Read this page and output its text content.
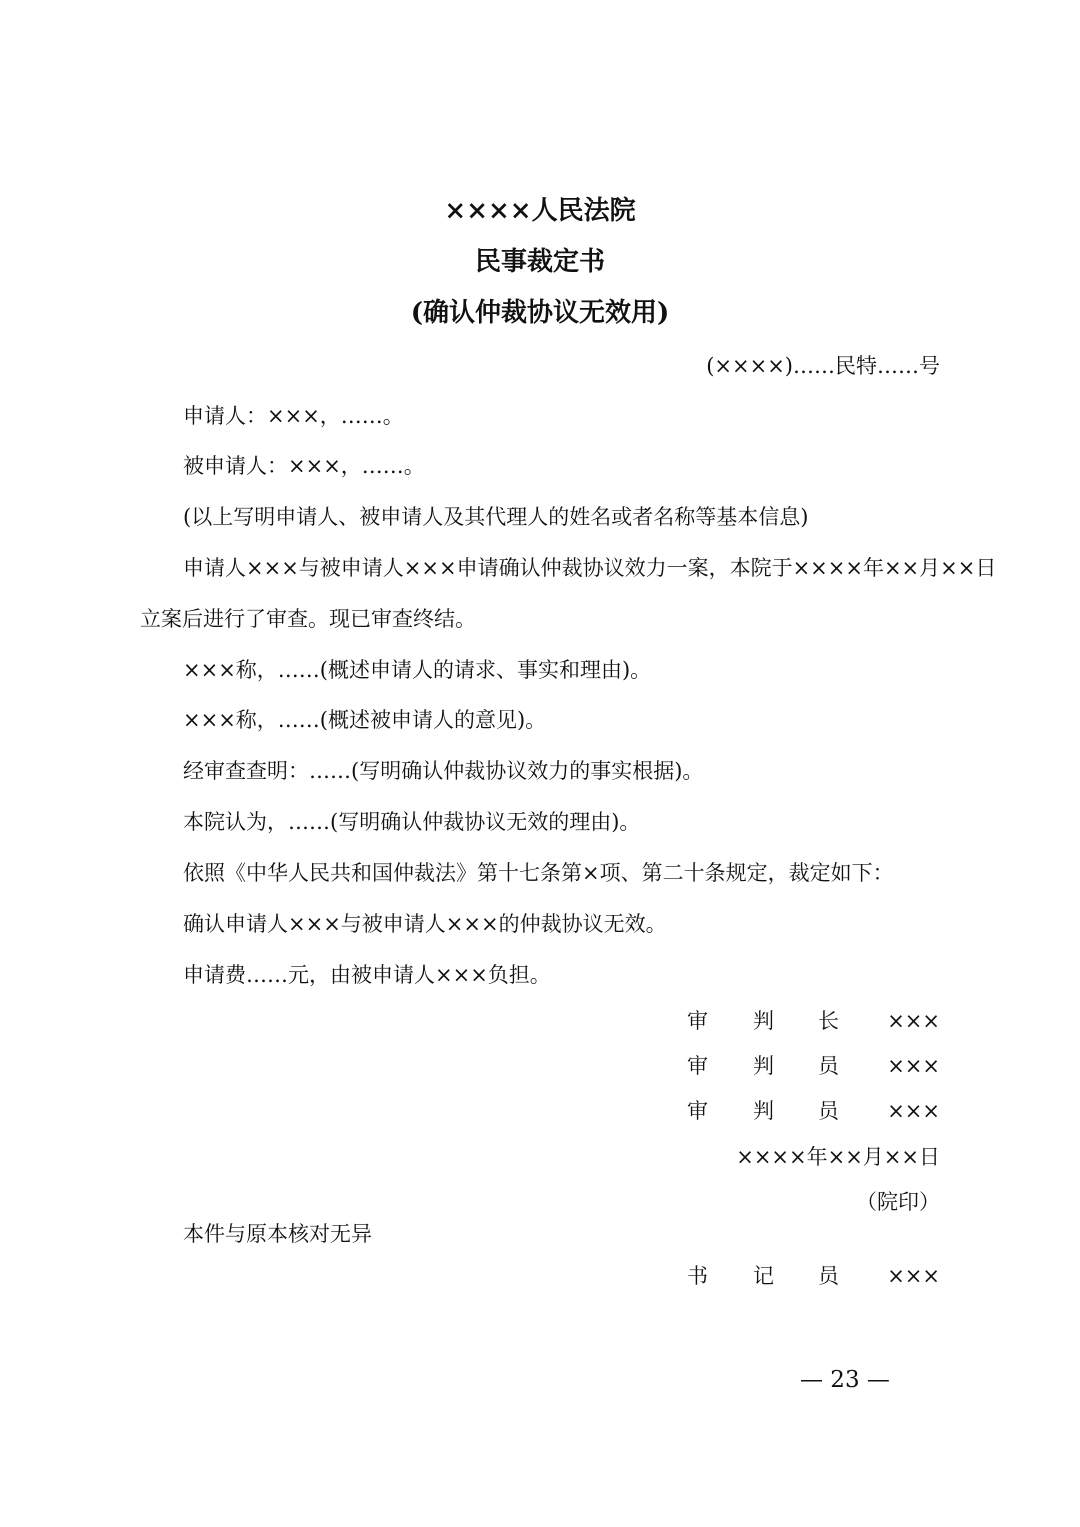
××××人民法院
民事裁定书
(确认仲裁协议无效用)
(××××)……民特……号
申请人：×××，……。
被申请人：×××，……。
(以上写明申请人、被申请人及其代理人的姓名或者名称等基本信息)
申请人×××与被申请人×××申请确认仲裁协议效力一案，本院于××××年××月××日
立案后进行了审查。现已审查终结。
×××称，……(概述申请人的请求、事实和理由)。
×××称，……(概述被申请人的意见)。
经审查查明：……(写明确认仲裁协议效力的事实根据)。
本院认为，……(写明确认仲裁协议无效的理由)。
依照《中华人民共和国仲裁法》第十七条第×项、第二十条规定，裁定如下：
确认申请人×××与被申请人×××的仲裁协议无效。
申请费……元，由被申请人×××负担。
审 判 长 ×××
审 判 员 ×××
审 判 员 ×××
××××年××月××日
（院印）
本件与原本核对无异
书 记 员 ×××
— 23 —
